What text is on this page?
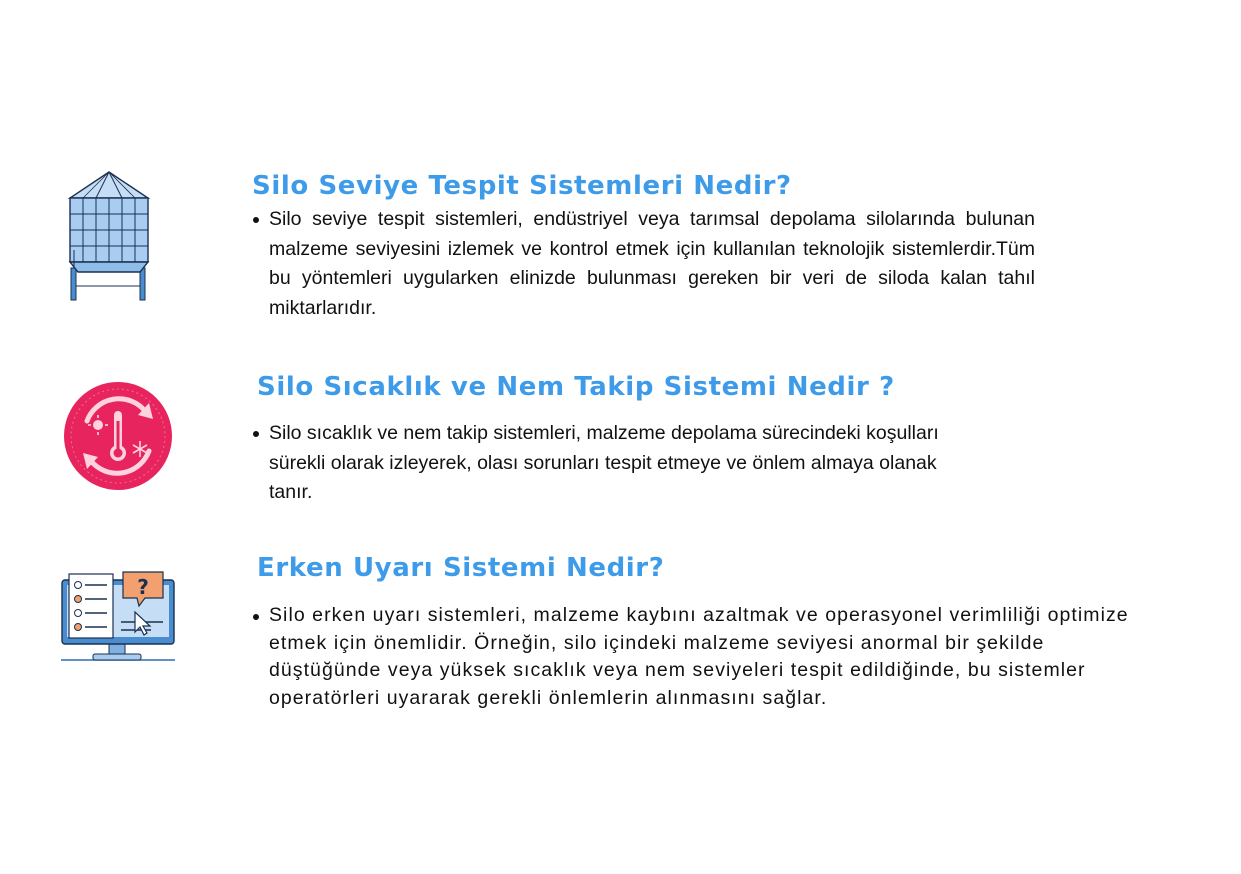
Silo Seviye Tespit Sistemleri Nedir?
Silo seviye tespit sistemleri, endüstriyel veya tarımsal depolama silolarında bulunan malzeme seviyesini izlemek ve kontrol etmek için kullanılan teknolojik sistemlerdir.Tüm bu yöntemleri uygularken elinizde bulunması gereken bir veri de siloda kalan tahıl miktarlarıdır.
Silo Sıcaklık ve Nem Takip Sistemi Nedir ?
Silo sıcaklık ve nem takip sistemleri, malzeme depolama sürecindeki koşulları sürekli olarak izleyerek, olası sorunları tespit etmeye ve önlem almaya olanak tanır.
?
Erken Uyarı Sistemi Nedir?
Silo erken uyarı sistemleri, malzeme kaybını azaltmak ve operasyonel verimliliği optimize etmek için önemlidir. Örneğin, silo içindeki malzeme seviyesi anormal bir şekilde düştüğünde veya yüksek sıcaklık veya nem seviyeleri tespit edildiğinde, bu sistemler operatörleri uyararak gerekli önlemlerin alınmasını sağlar.
